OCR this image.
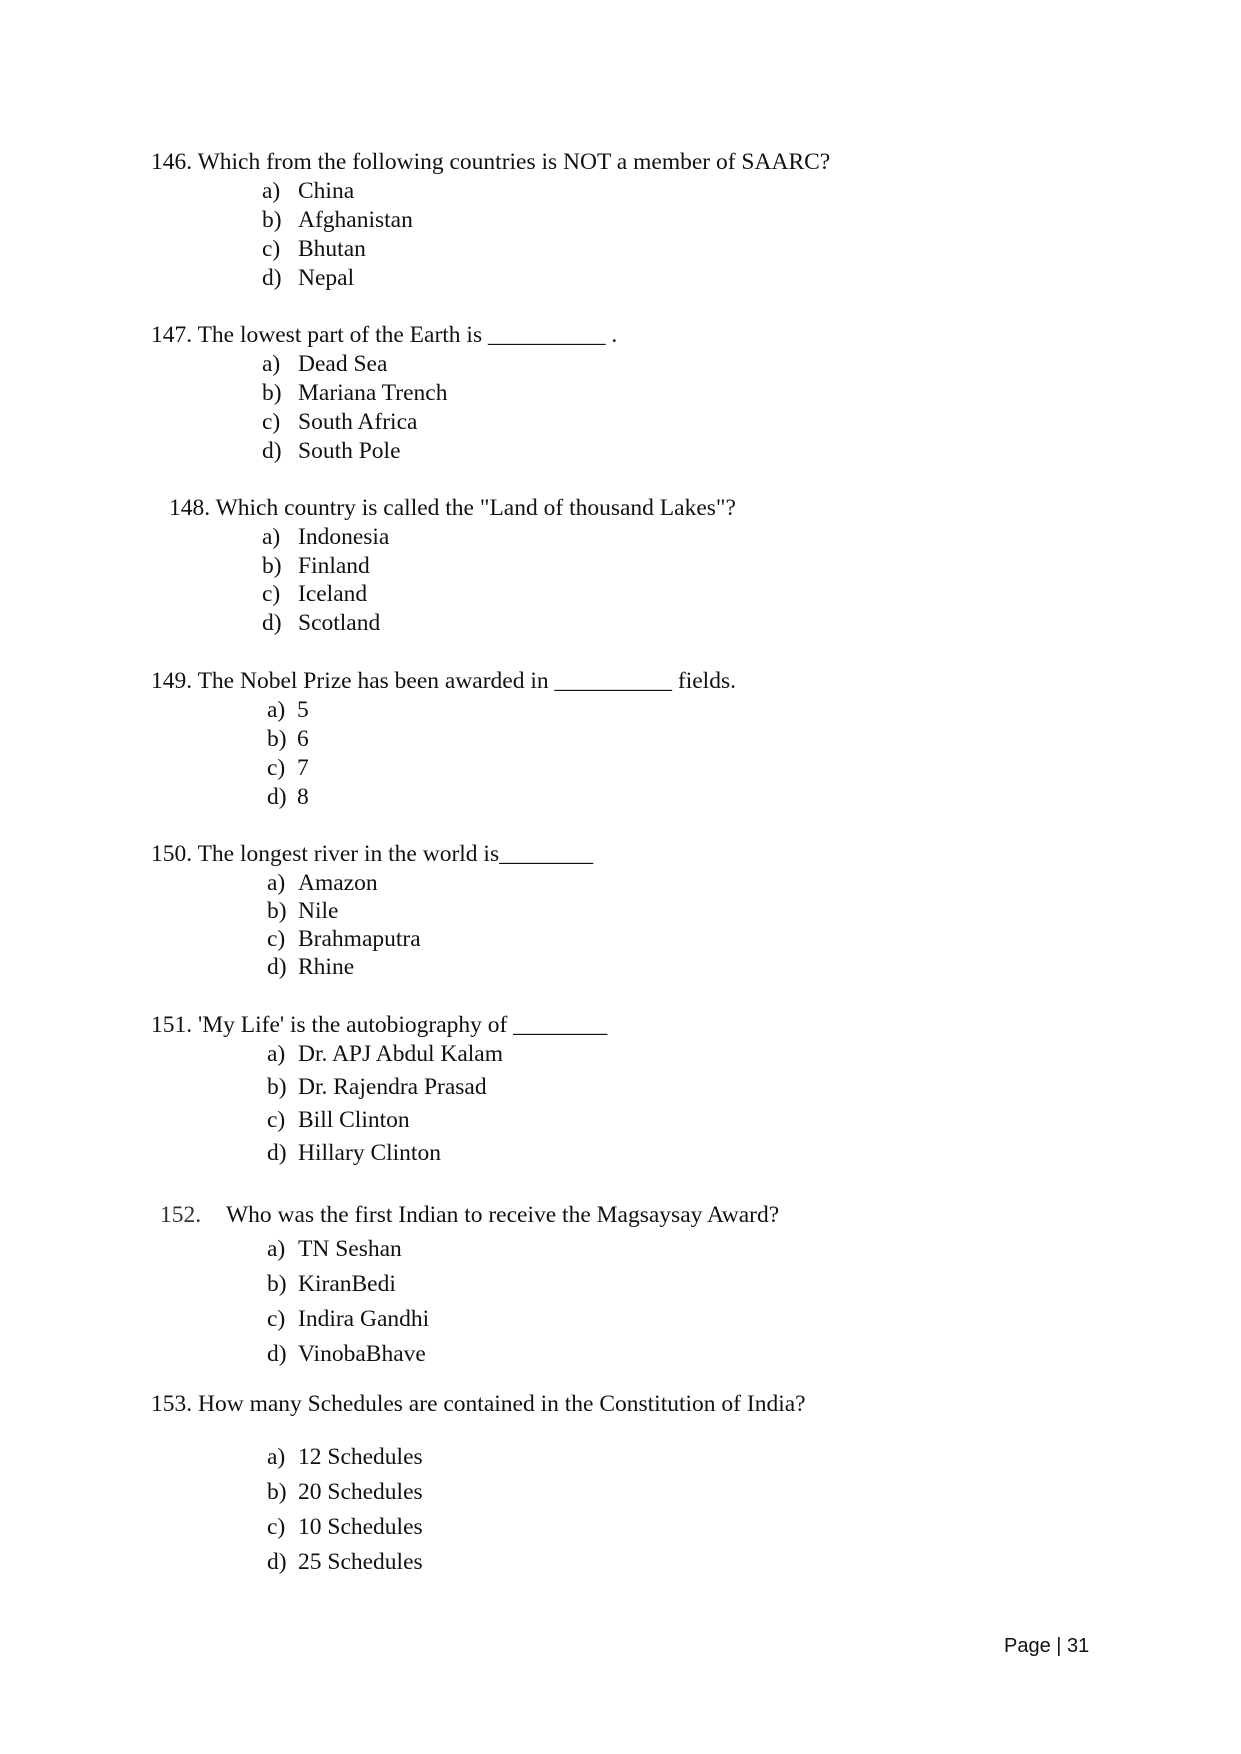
146. Which from the following countries is NOT a member of SAARC?
a) China
b) Afghanistan
c) Bhutan
d) Nepal
147. The lowest part of the Earth is __________ .
a) Dead Sea
b) Mariana Trench
c) South Africa
d) South Pole
148. Which country is called the "Land of thousand Lakes"?
a) Indonesia
b) Finland
c) Iceland
d) Scotland
149. The Nobel Prize has been awarded in __________ fields.
a) 5
b) 6
c) 7
d) 8
150. The longest river in the world is________
a) Amazon
b) Nile
c) Brahmaputra
d) Rhine
151. 'My Life' is the autobiography of ________
a) Dr. APJ Abdul Kalam
b) Dr. Rajendra Prasad
c) Bill Clinton
d) Hillary Clinton
152. Who was the first Indian to receive the Magsaysay Award?
a) TN Seshan
b) KiranBedi
c) Indira Gandhi
d) VinobaBhave
153. How many Schedules are contained in the Constitution of India?
a) 12 Schedules
b) 20 Schedules
c) 10 Schedules
d) 25 Schedules
Page | 31
